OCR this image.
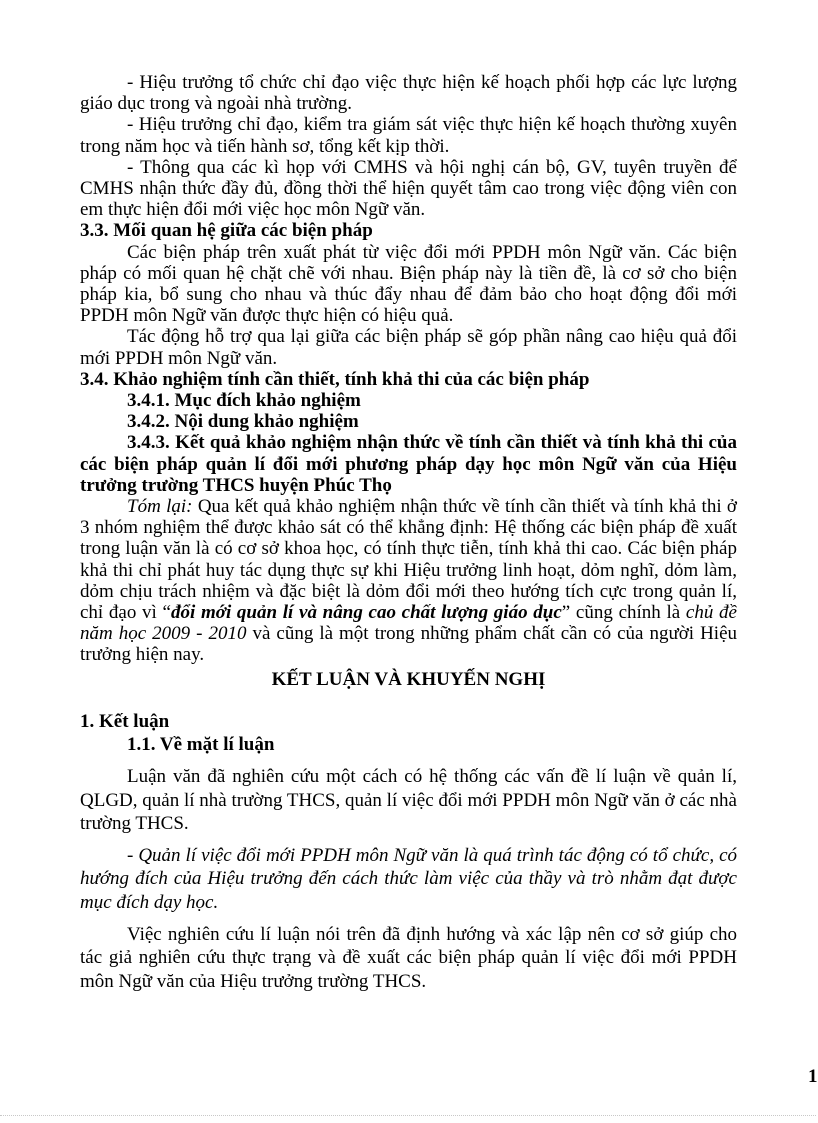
- Hiệu trưởng tổ chức chỉ đạo việc thực hiện kế hoạch phối hợp các lực lượng giáo dục trong và ngoài nhà trường.

- Hiệu trưởng chỉ đạo, kiểm tra giám sát việc thực hiện kế hoạch thường xuyên trong năm học và tiến hành sơ, tổng kết kịp thời.

- Thông qua các kì họp với CMHS và hội nghị cán bộ, GV, tuyên truyền để CMHS nhận thức đầy đủ, đồng thời thể hiện quyết tâm cao trong việc động viên con em thực hiện đổi mới việc học môn Ngữ văn.

3.3. Mối quan hệ giữa các biện pháp

Các biện pháp trên xuất phát từ việc đổi mới PPDH môn Ngữ văn. Các biện pháp có mối quan hệ chặt chẽ với nhau. Biện pháp này là tiền đề, là cơ sở cho biện pháp kia, bổ sung cho nhau và thúc đẩy nhau để đảm bảo cho hoạt động đổi mới PPDH môn Ngữ văn được thực hiện có hiệu quả.

Tác động hỗ trợ qua lại giữa các biện pháp sẽ góp phần nâng cao hiệu quả đổi mới PPDH môn Ngữ văn.

3.4. Khảo nghiệm tính cần thiết, tính khả thi của các biện pháp

3.4.1. Mục đích khảo nghiệm

3.4.2. Nội dung khảo nghiệm

3.4.3. Kết quả khảo nghiệm nhận thức về tính cần thiết và tính khả thi của các biện pháp quản lí đổi mới phương pháp dạy học môn Ngữ văn của Hiệu trưởng trường THCS huyện Phúc Thọ

Tóm lại: Qua kết quả khảo nghiệm nhận thức về tính cần thiết và tính khả thi ở 3 nhóm nghiệm thể được khảo sát có thể khẳng định: Hệ thống các biện pháp đề xuất trong luận văn là có cơ sở khoa học, có tính thực tiễn, tính khả thi cao. Các biện pháp khả thi chỉ phát huy tác dụng thực sự khi Hiệu trưởng linh hoạt, dỏm nghĩ, dỏm làm, dỏm chịu trách nhiệm và đặc biệt là dỏm đổi mới theo hướng tích cực trong quản lí, chỉ đạo vì “đổi mới quản lí và nâng cao chất lượng giáo dục” cũng chính là chủ đề năm học 2009 - 2010 và cũng là một trong những phẩm chất cần có của người Hiệu trưởng hiện nay.

KẾT LUẬN VÀ KHUYẾN NGHỊ

1. Kết luận

1.1. Về mặt lí luận

Luận văn đã nghiên cứu một cách có hệ thống các vấn đề lí luận về quản lí, QLGD, quản lí nhà trường THCS, quản lí việc đổi mới PPDH môn Ngữ văn ở các nhà trường THCS.

- Quản lí việc đổi mới PPDH môn Ngữ văn là quá trình tác động có tổ chức, có hướng đích của Hiệu trưởng đến cách thức làm việc của thầy và trò nhằm đạt được mục đích dạy học.

Việc nghiên cứu lí luận nói trên đã định hướng và xác lập nên cơ sở giúp cho tác giả nghiên cứu thực trạng và đề xuất các biện pháp quản lí việc đổi mới PPDH môn Ngữ văn của Hiệu trưởng trường THCS.

1
